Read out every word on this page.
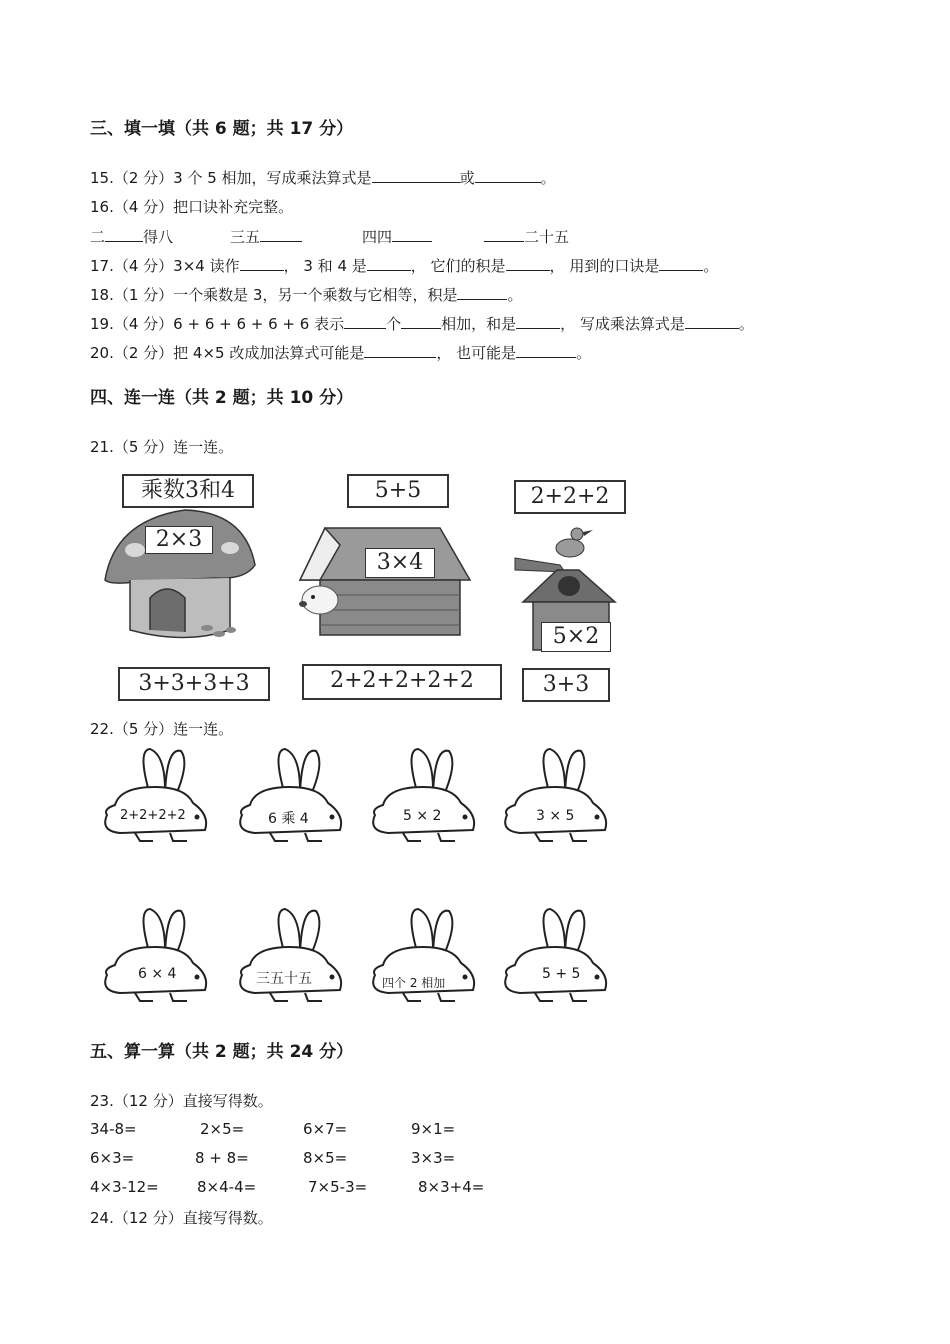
三、填一填（共 6 题；共 17 分）
15.（2 分）3 个 5 相加，写成乘法算式是	或	。
16.（4 分）把口诀补充完整。
二	得八	三五	四四	二十五
17.（4 分）3×4 读作	， 3 和 4 是	， 它们的积是	， 用到的口诀是	。
18.（1 分）一个乘数是 3，另一个乘数与它相等，积是	。
19.（4 分）6 + 6 + 6 + 6 + 6 表示	个	相加，和是	， 写成乘法算式是	。
20.（2 分）把 4×5 改成加法算式可能是	， 也可能是	。
四、连一连（共 2 题；共 10 分）
21.（5 分）连一连。
乘数3和4	5+5	2+2+2
2×3
3×4
5×2
3+3+3+3	2+2+2+2+2	3+3
22.（5 分）连一连。
2+2+2+2	6 乘 4	5 × 2	3 × 5
6 × 4	三五十五	四个 2 相加
5 + 5
五、算一算（共 2 题；共 24 分）
23.（12 分）直接写得数。
34-8=	2×5=	6×7=	9×1=
6×3=	8 + 8=	8×5=	3×3=
4×3-12=	8×4-4=	7×5-3=	8×3+4=
24.（12 分）直接写得数。
